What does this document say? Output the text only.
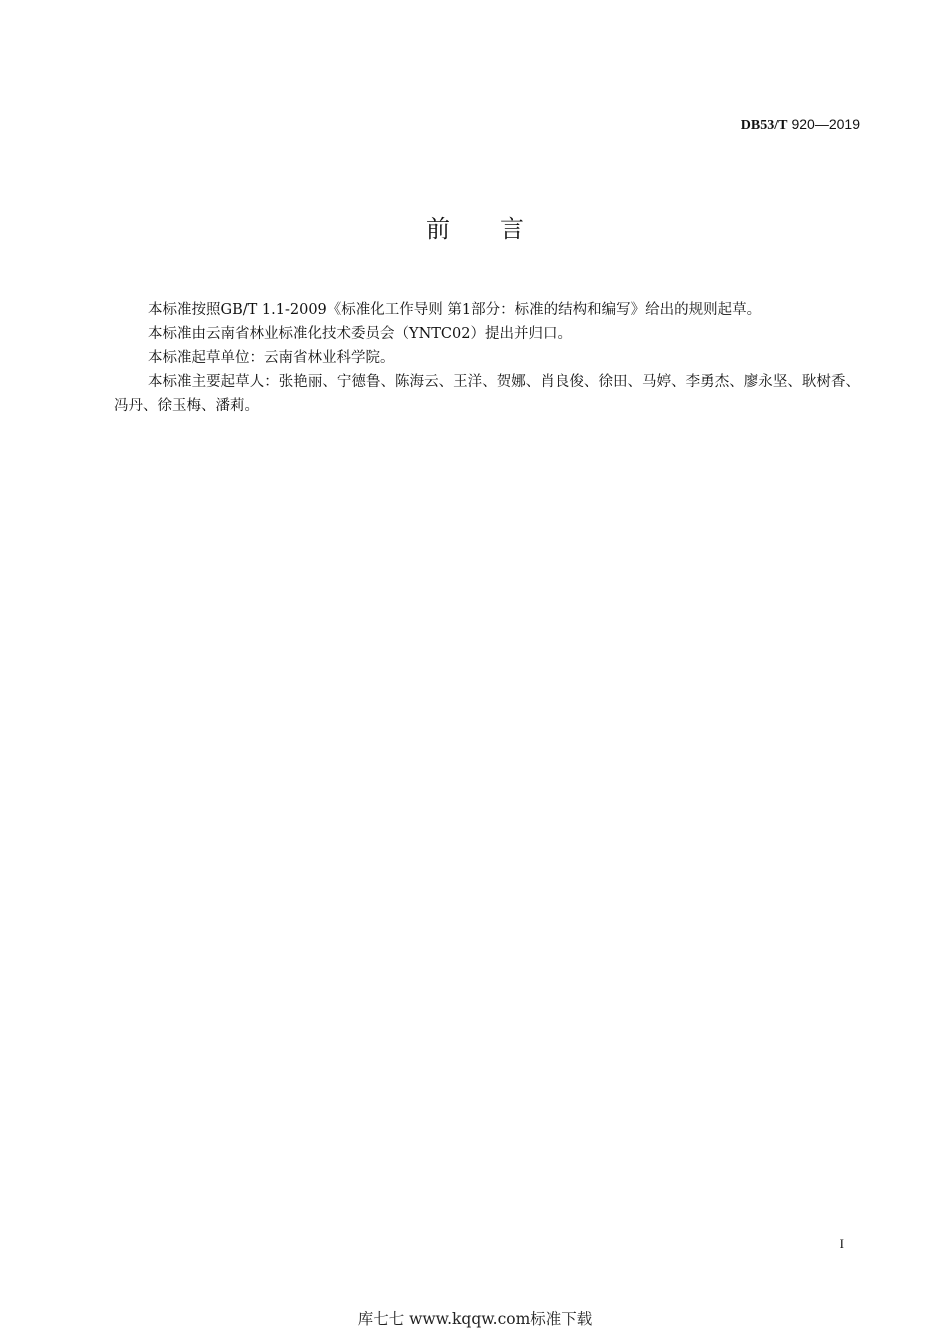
DB53/T 920—2019
前言

本标准按照GB/T 1.1-2009《标准化工作导则 第1部分：标准的结构和编写》给出的规则起草。

本标准由云南省林业标准化技术委员会（YNTC02）提出并归口。

本标准起草单位：云南省林业科学院。

本标准主要起草人：张艳丽、宁德鲁、陈海云、王洋、贺娜、肖良俊、徐田、马婷、李勇杰、廖永坚、耿树香、冯丹、徐玉梅、潘莉。

I
库七七 www.kqqw.com标准下载
